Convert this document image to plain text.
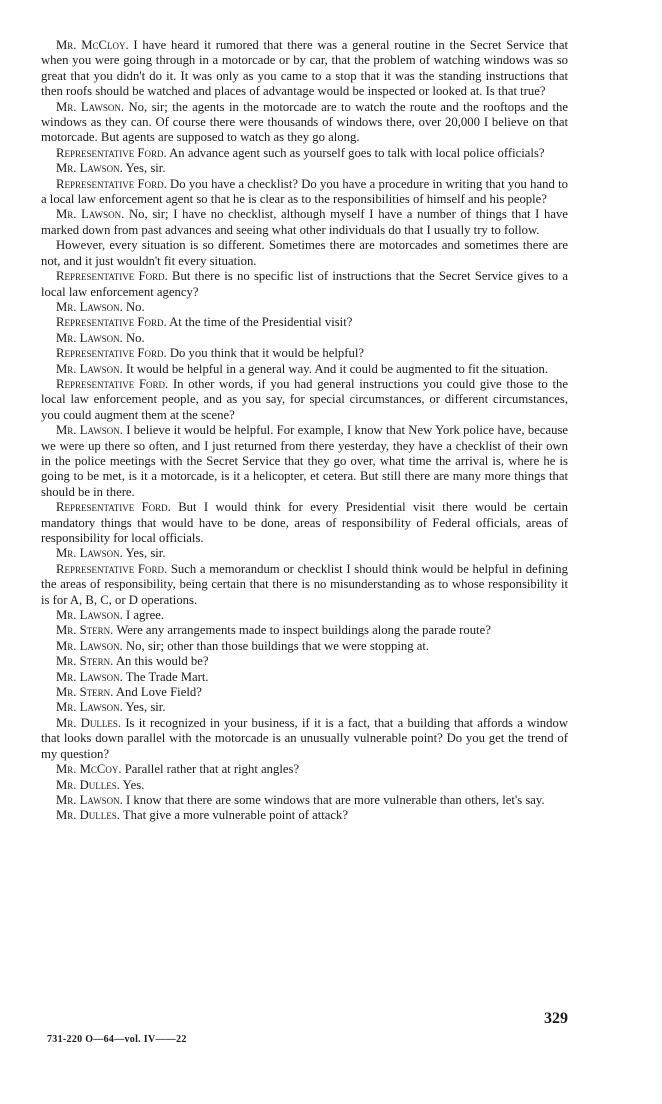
Mr. McCloy. I have heard it rumored that there was a general routine in the Secret Service that when you were going through in a motorcade or by car, that the problem of watching windows was so great that you didn't do it. It was only as you came to a stop that it was the standing instructions that then roofs should be watched and places of advantage would be inspected or looked at. Is that true?

Mr. Lawson. No, sir; the agents in the motorcade are to watch the route and the rooftops and the windows as they can. Of course there were thousands of windows there, over 20,000 I believe on that motorcade. But agents are supposed to watch as they go along.

Representative Ford. An advance agent such as yourself goes to talk with local police officials?

Mr. Lawson. Yes, sir.

Representative Ford. Do you have a checklist? Do you have a procedure in writing that you hand to a local law enforcement agent so that he is clear as to the responsibilities of himself and his people?

Mr. Lawson. No, sir; I have no checklist, although myself I have a number of things that I have marked down from past advances and seeing what other individuals do that I usually try to follow.

However, every situation is so different. Sometimes there are motorcades and sometimes there are not, and it just wouldn't fit every situation.

Representative Ford. But there is no specific list of instructions that the Secret Service gives to a local law enforcement agency?

Mr. Lawson. No.

Representative Ford. At the time of the Presidential visit?

Mr. Lawson. No.

Representative Ford. Do you think that it would be helpful?

Mr. Lawson. It would be helpful in a general way. And it could be augmented to fit the situation.

Representative Ford. In other words, if you had general instructions you could give those to the local law enforcement people, and as you say, for special circumstances, or different circumstances, you could augment them at the scene?

Mr. Lawson. I believe it would be helpful. For example, I know that New York police have, because we were up there so often, and I just returned from there yesterday, they have a checklist of their own in the police meetings with the Secret Service that they go over, what time the arrival is, where he is going to be met, is it a motorcade, is it a helicopter, et cetera. But still there are many more things that should be in there.

Representative Ford. But I would think for every Presidential visit there would be certain mandatory things that would have to be done, areas of responsibility of Federal officials, areas of responsibility for local officials.

Mr. Lawson. Yes, sir.

Representative Ford. Such a memorandum or checklist I should think would be helpful in defining the areas of responsibility, being certain that there is no misunderstanding as to whose responsibility it is for A, B, C, or D operations.

Mr. Lawson. I agree.

Mr. Stern. Were any arrangements made to inspect buildings along the parade route?

Mr. Lawson. No, sir; other than those buildings that we were stopping at.

Mr. Stern. An this would be?

Mr. Lawson. The Trade Mart.

Mr. Stern. And Love Field?

Mr. Lawson. Yes, sir.

Mr. Dulles. Is it recognized in your business, if it is a fact, that a building that affords a window that looks down parallel with the motorcade is an unusually vulnerable point? Do you get the trend of my question?

Mr. McCoy. Parallel rather that at right angles?

Mr. Dulles. Yes.

Mr. Lawson. I know that there are some windows that are more vulnerable than others, let's say.

Mr. Dulles. That give a more vulnerable point of attack?

329
731-220 O—64—vol. IV——22
